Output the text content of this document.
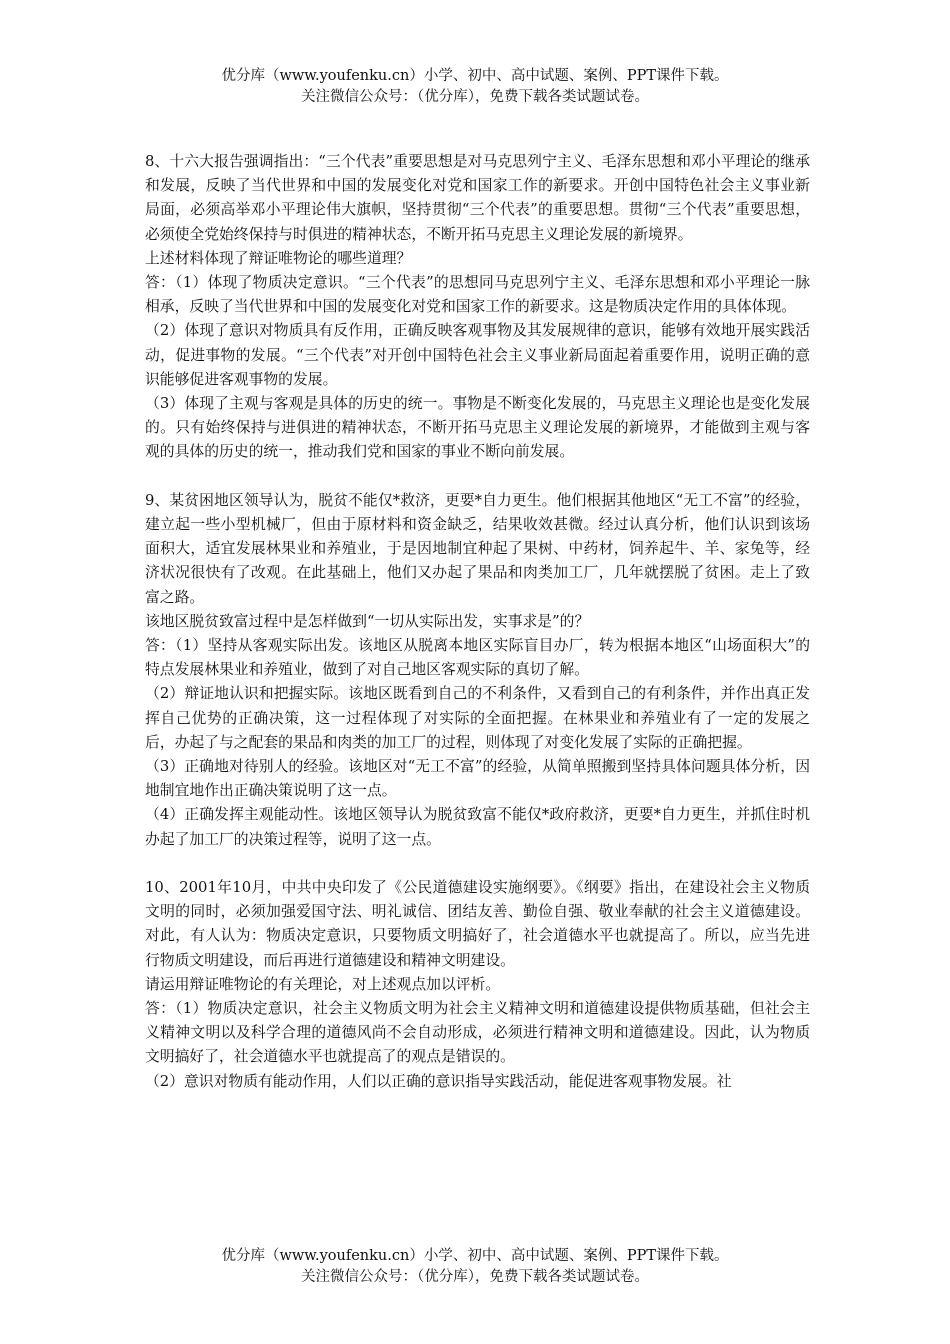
优分库（www.youfenku.cn）小学、初中、高中试题、案例、PPT课件下载。
关注微信公众号：（优分库），免费下载各类试题试卷。

8、十六大报告强调指出：“三个代表”重要思想是对马克思列宁主义、毛泽东思想和邓小平理论的继承和发展，反映了当代世界和中国的发展变化对党和国家工作的新要求。开创中国特色社会主义事业新局面，必须高举邓小平理论伟大旗帜，坚持贯彻“三个代表”的重要思想。贯彻“三个代表”重要思想，必须使全党始终保持与时俱进的精神状态，不断开拓马克思主义理论发展的新境界。

上述材料体现了辩证唯物论的哪些道理？

答：（1）体现了物质决定意识。“三个代表”的思想同马克思列宁主义、毛泽东思想和邓小平理论一脉相承，反映了当代世界和中国的发展变化对党和国家工作的新要求。这是物质决定作用的具体体现。

（2）体现了意识对物质具有反作用，正确反映客观事物及其发展规律的意识，能够有效地开展实践活动，促进事物的发展。“三个代表”对开创中国特色社会主义事业新局面起着重要作用，说明正确的意识能够促进客观事物的发展。

（3）体现了主观与客观是具体的历史的统一。事物是不断变化发展的，马克思主义理论也是变化发展的。只有始终保持与进俱进的精神状态，不断开拓马克思主义理论发展的新境界，才能做到主观与客观的具体的历史的统一，推动我们党和国家的事业不断向前发展。

9、某贫困地区领导认为，脱贫不能仅*救济，更要*自力更生。他们根据其他地区“无工不富”的经验，建立起一些小型机械厂，但由于原材料和资金缺乏，结果收效甚微。经过认真分析，他们认识到该场面积大，适宜发展林果业和养殖业，于是因地制宜种起了果树、中药材，饲养起牛、羊、家兔等，经济状况很快有了改观。在此基础上，他们又办起了果品和肉类加工厂，几年就摆脱了贫困。走上了致富之路。

该地区脱贫致富过程中是怎样做到“一切从实际出发，实事求是”的？

答：（1）坚持从客观实际出发。该地区从脱离本地区实际盲目办厂，转为根据本地区“山场面积大”的特点发展林果业和养殖业，做到了对自己地区客观实际的真切了解。

（2）辩证地认识和把握实际。该地区既看到自己的不利条件，又看到自己的有利条件，并作出真正发挥自己优势的正确决策，这一过程体现了对实际的全面把握。在林果业和养殖业有了一定的发展之后，办起了与之配套的果品和肉类的加工厂的过程，则体现了对变化发展了实际的正确把握。

（3）正确地对待别人的经验。该地区对“无工不富”的经验，从简单照搬到坚持具体问题具体分析，因地制宜地作出正确决策说明了这一点。

（4）正确发挥主观能动性。该地区领导认为脱贫致富不能仅*政府救济，更要*自力更生，并抓住时机办起了加工厂的决策过程等，说明了这一点。

10、2001年10月，中共中央印发了《公民道德建设实施纲要》。《纲要》指出，在建设社会主义物质文明的同时，必须加强爱国守法、明礼诚信、团结友善、勤俭自强、敬业奉献的社会主义道德建设。对此，有人认为：物质决定意识，只要物质文明搞好了，社会道德水平也就提高了。所以，应当先进行物质文明建设，而后再进行道德建设和精神文明建设。

请运用辩证唯物论的有关理论，对上述观点加以评析。

答：（1）物质决定意识，社会主义物质文明为社会主义精神文明和道德建设提供物质基础，但社会主义精神文明以及科学合理的道德风尚不会自动形成，必须进行精神文明和道德建设。因此，认为物质文明搞好了，社会道德水平也就提高了的观点是错误的。

（2）意识对物质有能动作用，人们以正确的意识指导实践活动，能促进客观事物发展。社

优分库（www.youfenku.cn）小学、初中、高中试题、案例、PPT课件下载。
关注微信公众号：（优分库），免费下载各类试题试卷。
